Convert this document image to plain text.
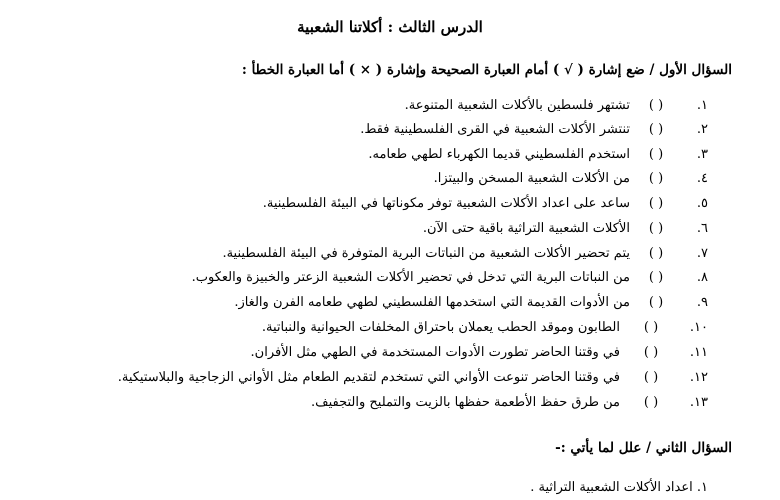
الدرس الثالث : أكلاتنا الشعبية
السؤال الأول / ضع إشارة ( √ ) أمام العبارة الصحيحة وإشارة ( × ) أما العبارة الخطأ :
١.
( )
تشتهر فلسطين بالأكلات الشعبية المتنوعة.
٢.
( )
تنتشر الأكلات الشعبية في القرى الفلسطينية فقط.
٣.
( )
استخدم الفلسطيني قديما الكهرباء لطهي طعامه.
٤.
( )
من الأكلات الشعبية المسخن والبيتزا.
٥.
( )
ساعد على اعداد الأكلات الشعبية توفر مكوناتها في البيئة الفلسطينية.
٦.
( )
الأكلات الشعبية التراثية باقية حتى الآن.
٧.
( )
يتم تحضير الأكلات الشعبية من النباتات البرية المتوفرة في البيئة الفلسطينية.
٨.
( )
من النباتات البرية التي تدخل في تحضير الأكلات الشعبية الزعتر والخبيزة والعكوب.
٩.
( )
من الأدوات القديمة التي استخدمها الفلسطيني لطهي طعامه الفرن والغاز.
١٠.
( )
الطابون وموقد الحطب يعملان باحتراق المخلفات الحيوانية والنباتية.
١١.
( )
في وقتنا الحاضر تطورت الأدوات المستخدمة في الطهي مثل الأفران.
١٢.
( )
في وقتنا الحاضر تنوعت الأواني التي تستخدم لتقديم الطعام مثل الأواني الزجاجية والبلاستيكية.
١٣.
( )
من طرق حفظ الأطعمة حفظها بالزيت والتمليح والتجفيف.
السؤال الثاني / علل لما يأتي :-
١. اعداد الأكلات الشعبية التراثية .
